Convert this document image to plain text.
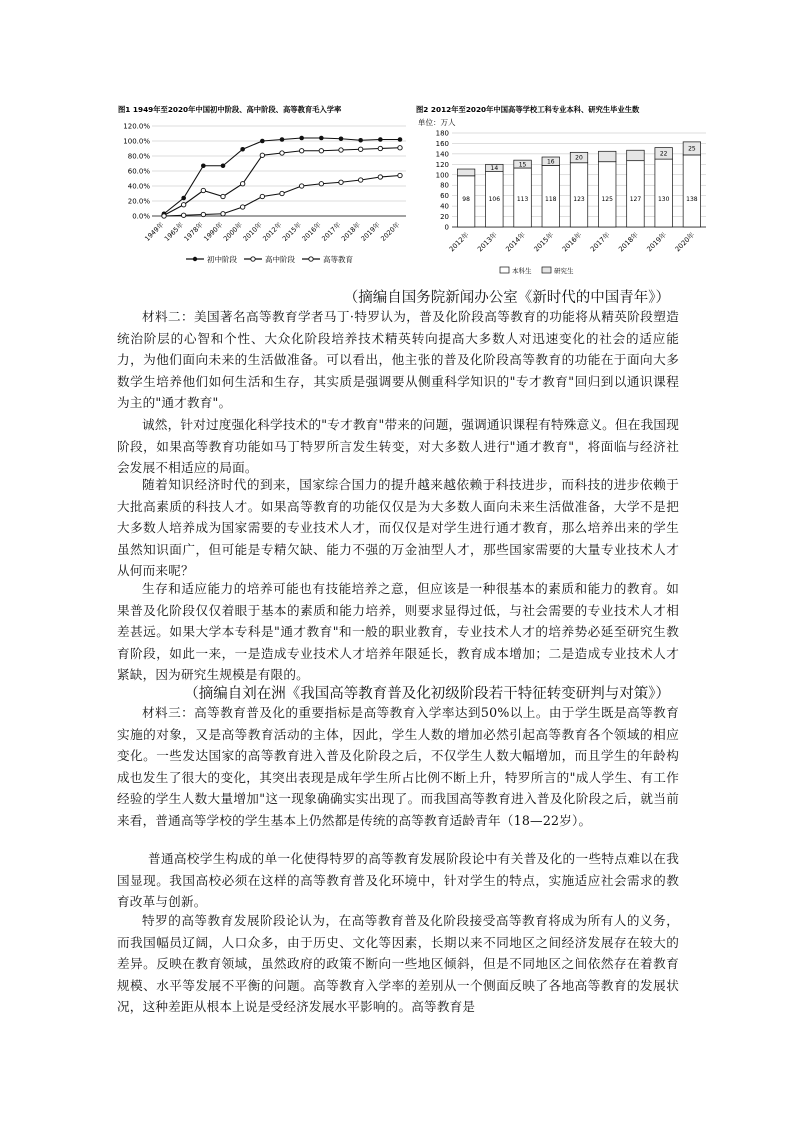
图1 1949年至2020年中国初中阶段、高中阶段、高等教育毛入学率
0.0%
20.0%
40.0%
60.0%
80.0%
100.0%
120.0%
1949年
1965年
1978年
1990年
2000年
2010年
2012年
2015年
2016年
2017年
2018年
2019年
2020年
初中阶段	高中阶段	高等教育
图2 2012年至2020年中国高等学校工科专业本科、研究生毕业生数
单位：万人
0
20
40
60
80
100
120
140
160
180
98	106
14
113
15
118
16
123
20
125	127	130
22
138
25
2012年 2013年 2014年 2015年 2016年 2017年 2018年 2019年 2020年
本科生	研究生
（摘编自国务院新闻办公室《新时代的中国青年》）
材料二：美国著名高等教育学者马丁·特罗认为，普及化阶段高等教育的功能将从精英阶段塑造统治阶层的心智和个性、大众化阶段培养技术精英转向提高大多数人对迅速变化的社会的适应能力，为他们面向未来的生活做准备。可以看出，他主张的普及化阶段高等教育的功能在于面向大多数学生培养他们如何生活和生存，其实质是强调要从侧重科学知识的"专才教育"回归到以通识课程为主的"通才教育"。
诚然，针对过度强化科学技术的"专才教育"带来的问题，强调通识课程有特殊意义。但在我国现阶段，如果高等教育功能如马丁特罗所言发生转变，对大多数人进行"通才教育"，将面临与经济社会发展不相适应的局面。
随着知识经济时代的到来，国家综合国力的提升越来越依赖于科技进步，而科技的进步依赖于大批高素质的科技人才。如果高等教育的功能仅仅是为大多数人面向未来生活做准备，大学不是把大多数人培养成为国家需要的专业技术人才，而仅仅是对学生进行通才教育，那么培养出来的学生虽然知识面广，但可能是专精欠缺、能力不强的万金油型人才，那些国家需要的大量专业技术人才从何而来呢？
生存和适应能力的培养可能也有技能培养之意，但应该是一种很基本的素质和能力的教育。如果普及化阶段仅仅着眼于基本的素质和能力培养，则要求显得过低，与社会需要的专业技术人才相差甚远。如果大学本专科是"通才教育"和一般的职业教育，专业技术人才的培养势必延至研究生教育阶段，如此一来，一是造成专业技术人才培养年限延长，教育成本增加；二是造成专业技术人才紧缺，因为研究生规模是有限的。
（摘编自刘在洲《我国高等教育普及化初级阶段若干特征转变研判与对策》）
材料三：高等教育普及化的重要指标是高等教育入学率达到50%以上。由于学生既是高等教育实施的对象，又是高等教育活动的主体，因此，学生人数的增加必然引起高等教育各个领域的相应变化。一些发达国家的高等教育进入普及化阶段之后，不仅学生人数大幅增加，而且学生的年龄构成也发生了很大的变化，其突出表现是成年学生所占比例不断上升，特罗所言的"成人学生、有工作经验的学生人数大量增加"这一现象确确实实出现了。而我国高等教育进入普及化阶段之后，就当前来看，普通高等学校的学生基本上仍然都是传统的高等教育适龄青年（18—22岁）。
普通高校学生构成的单一化使得特罗的高等教育发展阶段论中有关普及化的一些特点难以在我国显现。我国高校必须在这样的高等教育普及化环境中，针对学生的特点，实施适应社会需求的教育改革与创新。
特罗的高等教育发展阶段论认为，在高等教育普及化阶段接受高等教育将成为所有人的义务，而我国幅员辽阔，人口众多，由于历史、文化等因素，长期以来不同地区之间经济发展存在较大的差异。反映在教育领域，虽然政府的政策不断向一些地区倾斜，但是不同地区之间依然存在着教育规模、水平等发展不平衡的问题。高等教育入学率的差别从一个侧面反映了各地高等教育的发展状况，这种差距从根本上说是受经济发展水平影响的。高等教育是
